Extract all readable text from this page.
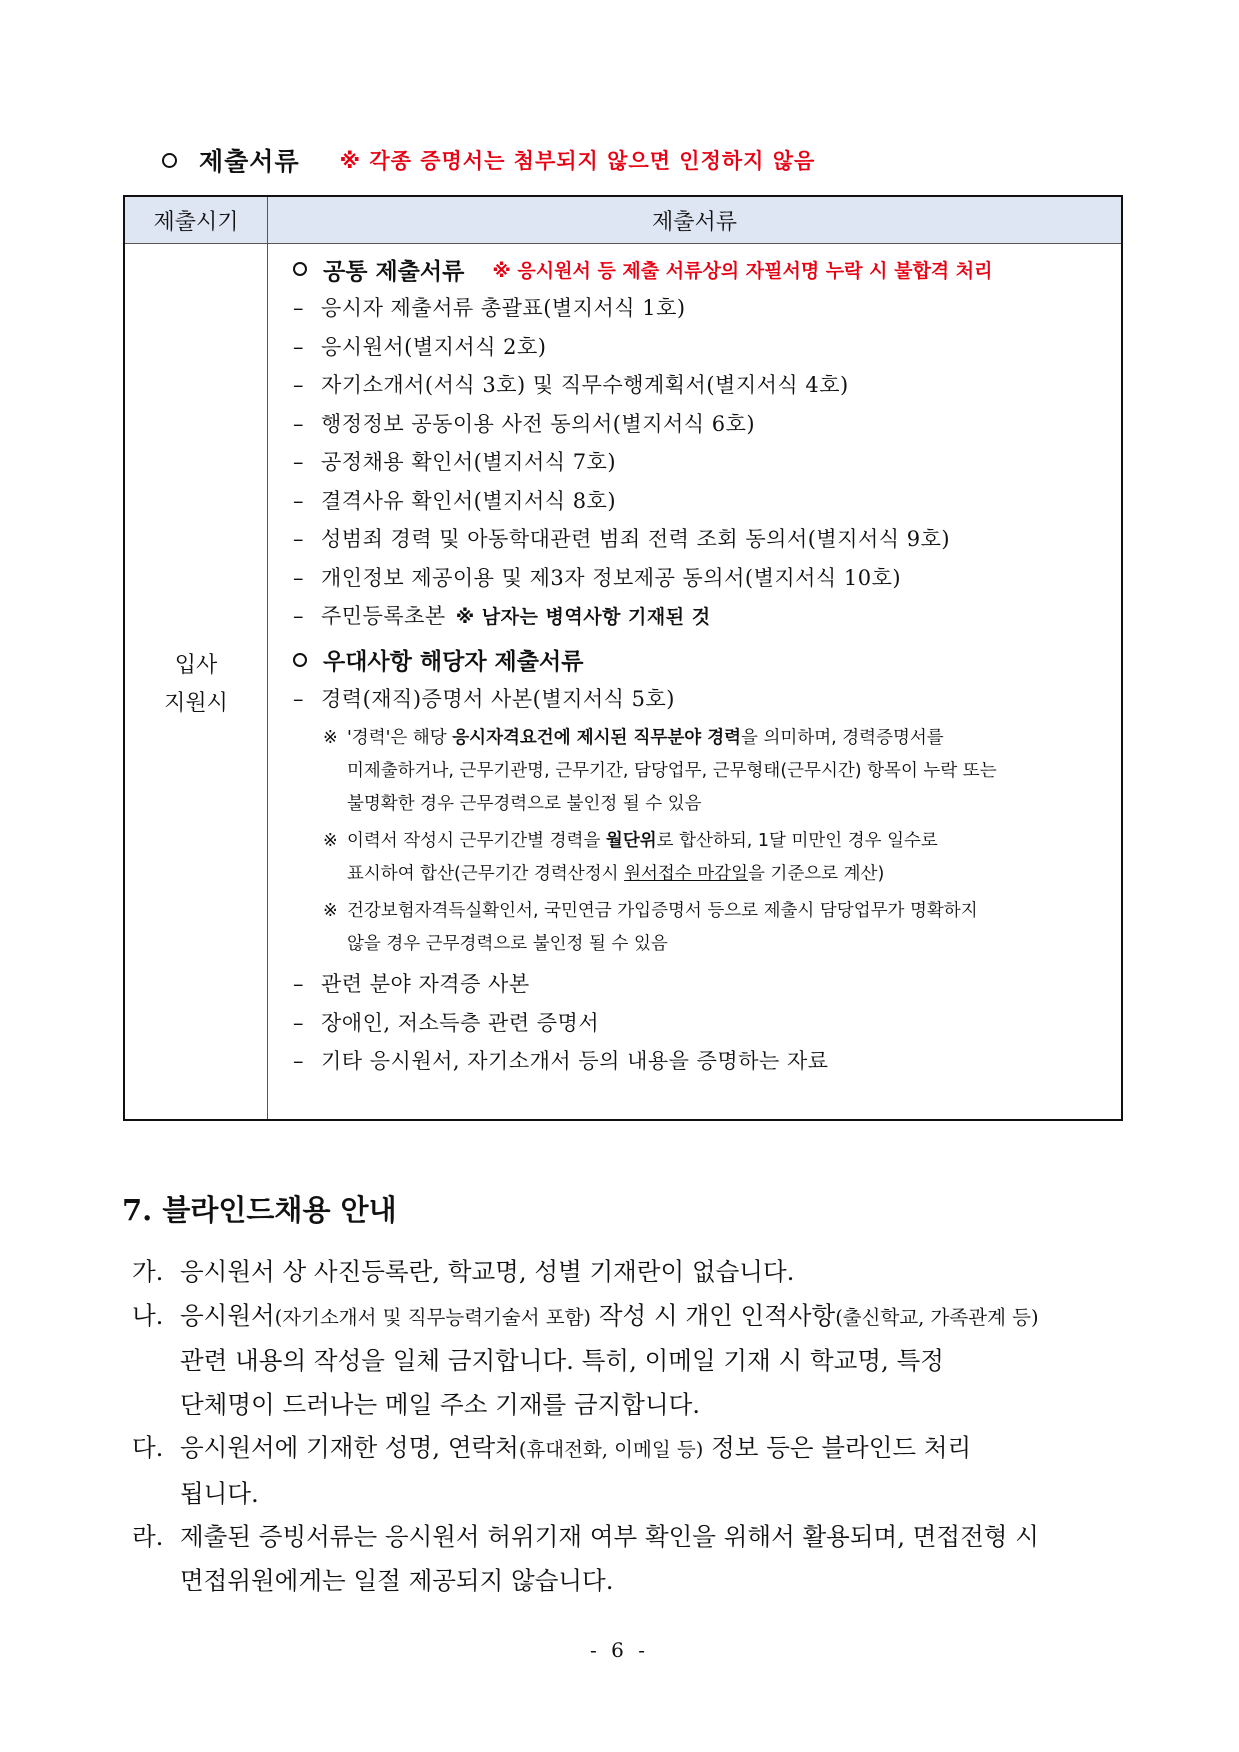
제출서류 ※ 각종 증명서는 첨부되지 않으면 인정하지 않음
제출시기	제출서류
입사
지원시
공통 제출서류 ※ 응시원서 등 제출 서류상의 자필서명 누락 시 불합격 처리
– 응시자 제출서류 총괄표(별지서식 1호)
– 응시원서(별지서식 2호)
– 자기소개서(서식 3호) 및 직무수행계획서(별지서식 4호)
– 행정정보 공동이용 사전 동의서(별지서식 6호)
– 공정채용 확인서(별지서식 7호)
– 결격사유 확인서(별지서식 8호)
– 성범죄 경력 및 아동학대관련 범죄 전력 조회 동의서(별지서식 9호)
– 개인정보 제공이용 및 제3자 정보제공 동의서(별지서식 10호)
– 주민등록초본 ※ 남자는 병역사항 기재된 것
우대사항 해당자 제출서류
– 경력(재직)증명서 사본(별지서식 5호)
※ '경력'은 해당 응시자격요건에 제시된 직무분야 경력을 의미하며, 경력증명서를
미제출하거나, 근무기관명, 근무기간, 담당업무, 근무형태(근무시간) 항목이 누락 또는
불명확한 경우 근무경력으로 불인정 될 수 있음
※ 이력서 작성시 근무기간별 경력을 월단위로 합산하되, 1달 미만인 경우 일수로
표시하여 합산(근무기간 경력산정시 원서접수 마감일을 기준으로 계산)
※ 건강보험자격득실확인서, 국민연금 가입증명서 등으로 제출시 담당업무가 명확하지
않을 경우 근무경력으로 불인정 될 수 있음
– 관련 분야 자격증 사본
– 장애인, 저소득층 관련 증명서
– 기타 응시원서, 자기소개서 등의 내용을 증명하는 자료
7. 블라인드채용 안내
가. 응시원서 상 사진등록란, 학교명, 성별 기재란이 없습니다.
나. 응시원서(자기소개서 및 직무능력기술서 포함) 작성 시 개인 인적사항(출신학교, 가족관계 등)
관련 내용의 작성을 일체 금지합니다. 특히, 이메일 기재 시 학교명, 특정
단체명이 드러나는 메일 주소 기재를 금지합니다.
다. 응시원서에 기재한 성명, 연락처(휴대전화, 이메일 등) 정보 등은 블라인드 처리
됩니다.
라. 제출된 증빙서류는 응시원서 허위기재 여부 확인을 위해서 활용되며, 면접전형 시
면접위원에게는 일절 제공되지 않습니다.
- 6 -
